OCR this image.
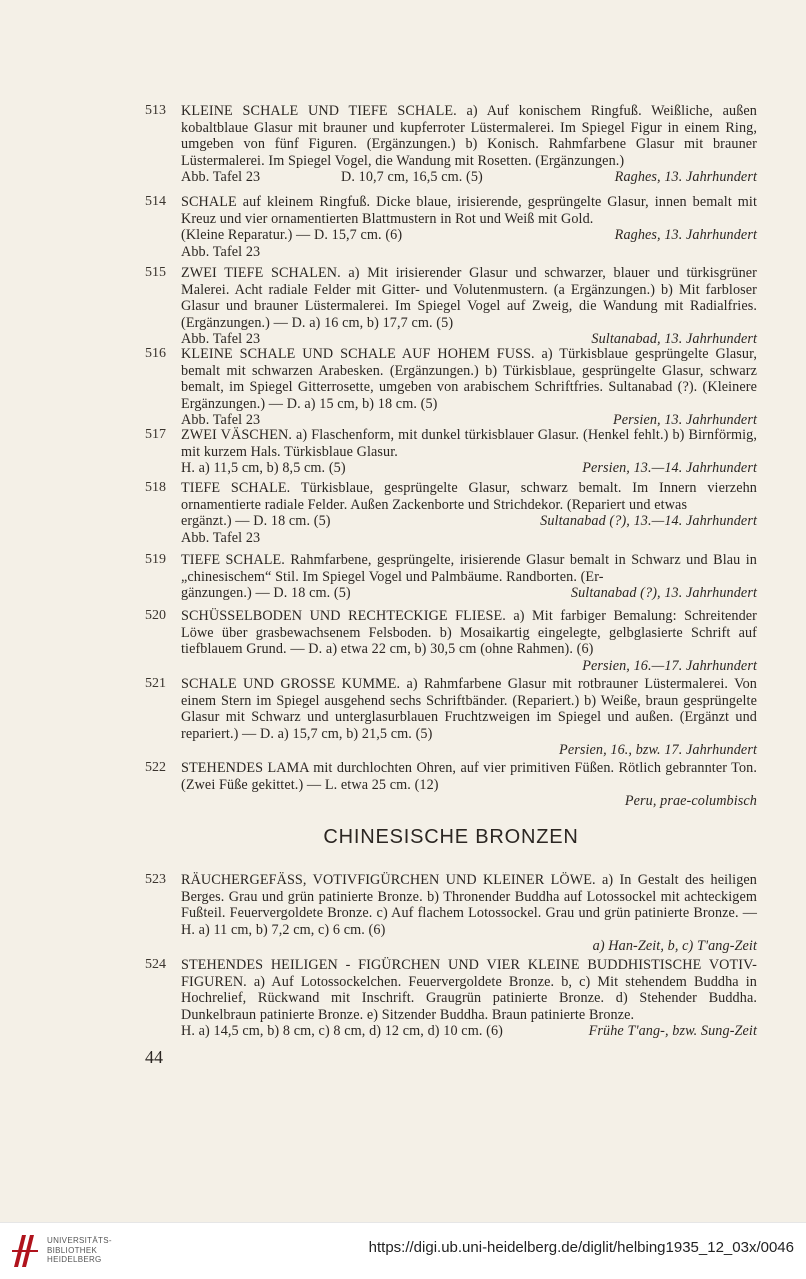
513	KLEINE SCHALE UND TIEFE SCHALE. a) Auf konischem Ringfuß. Weißliche, außen kobaltblaue Glasur mit brauner und kupferroter Lüstermalerei. Im Spiegel Figur in einem Ring, umgeben von fünf Figuren. (Ergänzungen.) b) Konisch. Rahmfarbene Glasur mit brauner Lüstermalerei. Im Spiegel Vogel, die Wandung mit Rosetten. (Ergänzungen.)
Abb. Tafel 23	D. 10,7 cm, 16,5 cm. (5)	Raghes, 13. Jahrhundert
514	SCHALE auf kleinem Ringfuß. Dicke blaue, irisierende, gesprüngelte Glasur, innen bemalt mit Kreuz und vier ornamentierten Blattmustern in Rot und Weiß mit Gold.
(Kleine Reparatur.) — D. 15,7 cm. (6)	Raghes, 13. Jahrhundert
Abb. Tafel 23
515	ZWEI TIEFE SCHALEN. a) Mit irisierender Glasur und schwarzer, blauer und türkisgrüner Malerei. Acht radiale Felder mit Gitter- und Volutenmustern. (a Ergänzungen.) b) Mit farbloser Glasur und brauner Lüstermalerei. Im Spiegel Vogel auf Zweig, die Wandung mit Radialfries. (Ergänzungen.) — D. a) 16 cm, b) 17,7 cm. (5)
Abb. Tafel 23	Sultanabad, 13. Jahrhundert
516	KLEINE SCHALE UND SCHALE AUF HOHEM FUSS. a) Türkisblaue gesprüngelte Glasur, bemalt mit schwarzen Arabesken. (Ergänzungen.) b) Türkisblaue, gesprüngelte Glasur, schwarz bemalt, im Spiegel Gitterrosette, umgeben von arabischem Schriftfries. Sultanabad (?). (Kleinere Ergänzungen.) — D. a) 15 cm, b) 18 cm. (5)
Abb. Tafel 23	Persien, 13. Jahrhundert
517	ZWEI VÄSCHEN. a) Flaschenform, mit dunkel türkisblauer Glasur. (Henkel fehlt.) b) Birnförmig, mit kurzem Hals. Türkisblaue Glasur.
H. a) 11,5 cm, b) 8,5 cm. (5)	Persien, 13.—14. Jahrhundert
518	TIEFE SCHALE. Türkisblaue, gesprüngelte Glasur, schwarz bemalt. Im Innern vierzehn ornamentierte radiale Felder. Außen Zackenborte und Strichdekor. (Repariert und etwas
ergänzt.) — D. 18 cm. (5)	Sultanabad (?), 13.—14. Jahrhundert
Abb. Tafel 23
519	TIEFE SCHALE. Rahmfarbene, gesprüngelte, irisierende Glasur bemalt in Schwarz und Blau in „chinesischem“ Stil. Im Spiegel Vogel und Palmbäume. Randborten. (Er-
gänzungen.) — D. 18 cm. (5)	Sultanabad (?), 13. Jahrhundert
520	SCHÜSSELBODEN UND RECHTECKIGE FLIESE. a) Mit farbiger Bemalung: Schreitender Löwe über grasbewachsenem Felsboden. b) Mosaikartig eingelegte, gelbglasierte Schrift auf tiefblauem Grund. — D. a) etwa 22 cm, b) 30,5 cm (ohne Rahmen). (6)
Persien, 16.—17. Jahrhundert
521	SCHALE UND GROSSE KUMME. a) Rahmfarbene Glasur mit rotbrauner Lüstermalerei. Von einem Stern im Spiegel ausgehend sechs Schriftbänder. (Repariert.) b) Weiße, braun gesprüngelte Glasur mit Schwarz und unterglasurblauen Fruchtzweigen im Spiegel und außen. (Ergänzt und repariert.) — D. a) 15,7 cm, b) 21,5 cm. (5)
Persien, 16., bzw. 17. Jahrhundert
522	STEHENDES LAMA mit durchlochten Ohren, auf vier primitiven Füßen. Rötlich gebrannter Ton. (Zwei Füße gekittet.) — L. etwa 25 cm. (12)
Peru, prae-columbisch
CHINESISCHE BRONZEN
523	RÄUCHERGEFÄSS, VOTIVFIGÜRCHEN UND KLEINER LÖWE. a) In Gestalt des heiligen Berges. Grau und grün patinierte Bronze. b) Thronender Buddha auf Lotossockel mit achteckigem Fußteil. Feuervergoldete Bronze. c) Auf flachem Lotossockel. Grau und grün patinierte Bronze. — H. a) 11 cm, b) 7,2 cm, c) 6 cm. (6)
a) Han-Zeit, b, c) T'ang-Zeit
524	STEHENDES HEILIGEN - FIGÜRCHEN UND VIER KLEINE BUDDHISTISCHE VOTIV-FIGUREN. a) Auf Lotossockelchen. Feuervergoldete Bronze. b, c) Mit stehendem Buddha in Hochrelief, Rückwand mit Inschrift. Graugrün patinierte Bronze. d) Stehender Buddha. Dunkelbraun patinierte Bronze. e) Sitzender Buddha. Braun patinierte Bronze.
H. a) 14,5 cm, b) 8 cm, c) 8 cm, d) 12 cm, d) 10 cm. (6)	Frühe T'ang-, bzw. Sung-Zeit
44
UNIVERSITÄTS-
BIBLIOTHEK
HEIDELBERG
https://digi.ub.uni-heidelberg.de/diglit/helbing1935_12_03x/0046
